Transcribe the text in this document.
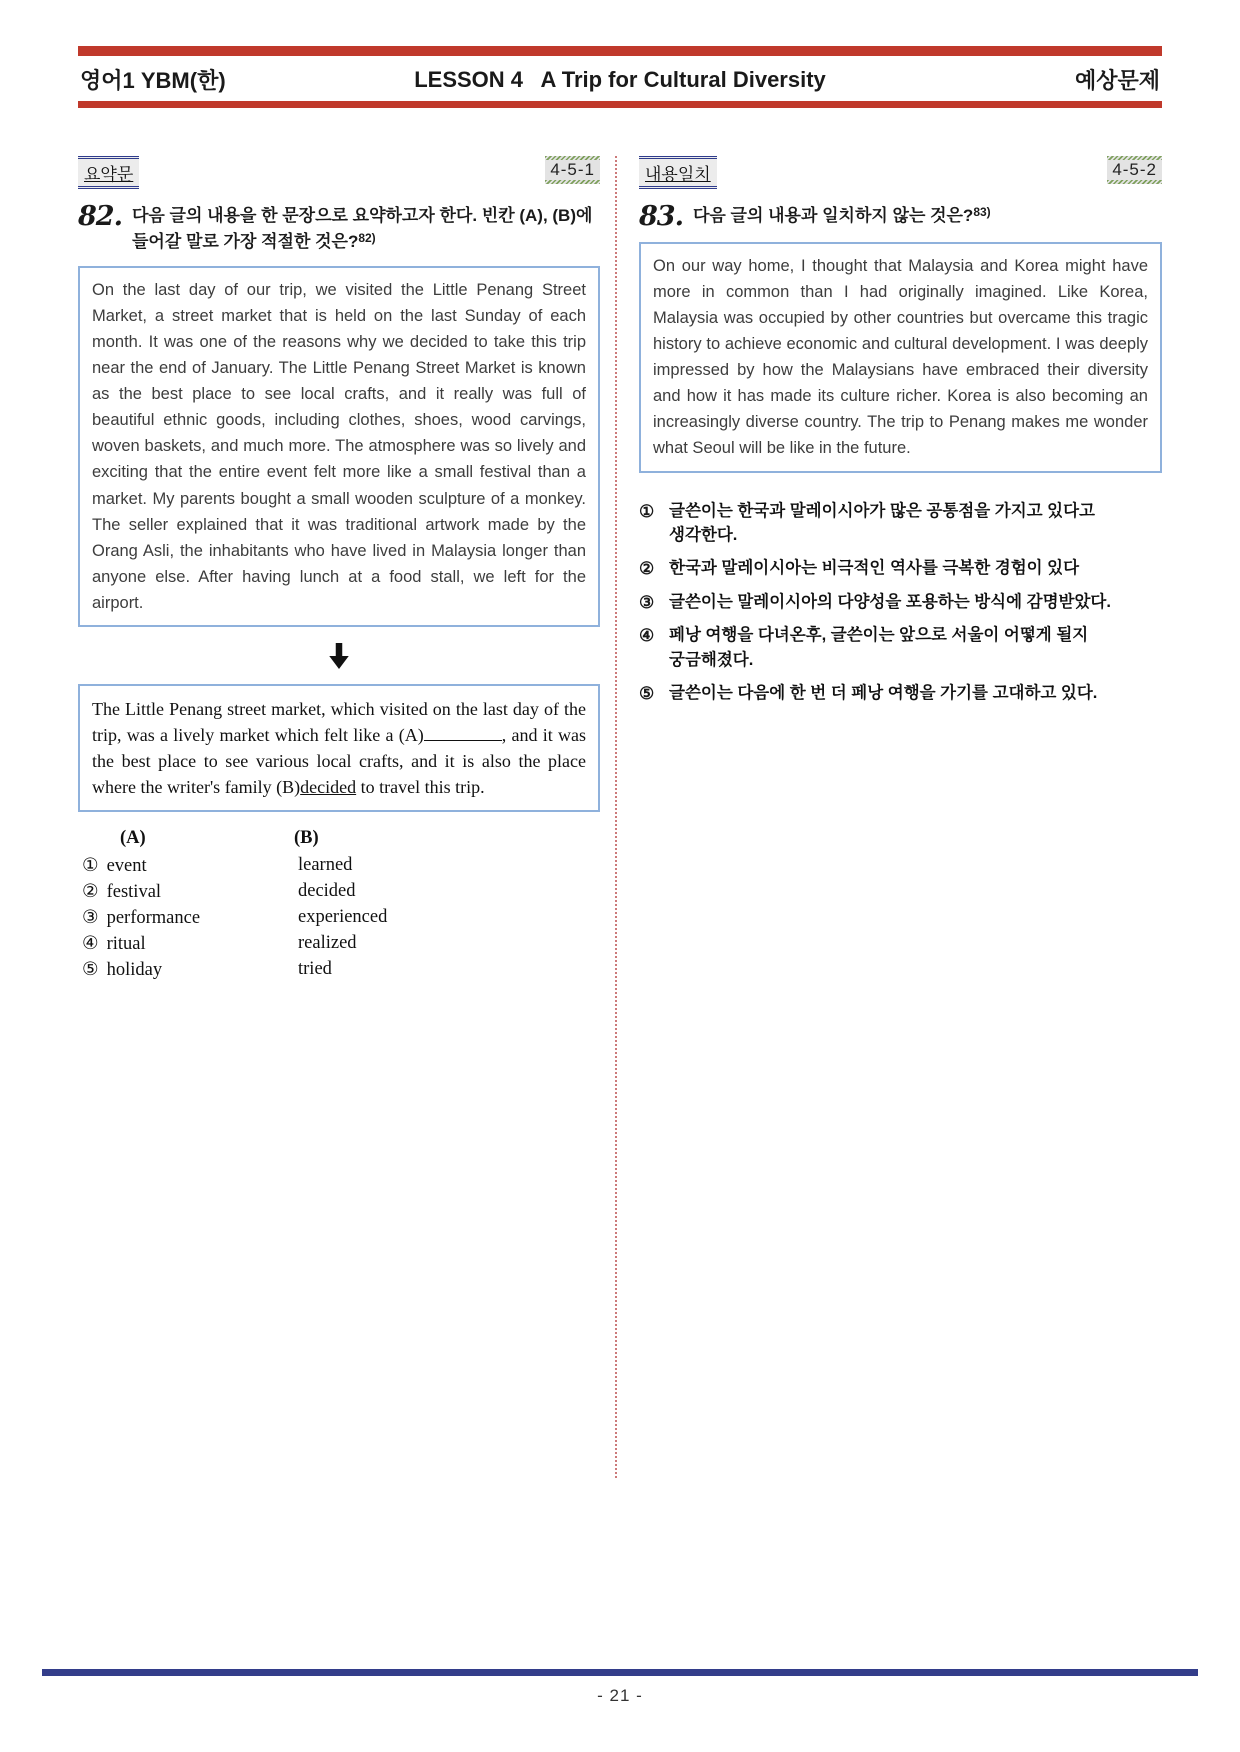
영어1 YBM(한)	LESSON 4   A Trip for Cultural Diversity	예상문제
요약문	4-5-1
82. 다음 글의 내용을 한 문장으로 요약하고자 한다. 빈칸 (A), (B)에 들어갈 말로 가장 적절한 것은?$^{82)}$

On the last day of our trip, we visited the Little Penang Street Market, a street market that is held on the last Sunday of each month. It was one of the reasons why we decided to take this trip near the end of January. The Little Penang Street Market is known as the best place to see local crafts, and it really was full of beautiful ethnic goods, including clothes, shoes, wood carvings, woven baskets, and much more. The atmosphere was so lively and exciting that the entire event felt more like a small festival than a market. My parents bought a small wooden sculpture of a monkey. The seller explained that it was traditional artwork made by the Orang Asli, the inhabitants who have lived in Malaysia longer than anyone else. After having lunch at a food stall, we left for the airport.
The Little Penang street market, which visited on the last day of the trip, was a lively market which felt like a (A)	, and it was the best place to see various local crafts, and it is also the place where the writer's family (B)decided to travel this trip.
(A)	(B)
① event	learned
② festival	decided
③ performance	experienced
④ ritual	realized
⑤ holiday	tried
내용일치	4-5-2
83. 다음 글의 내용과 일치하지 않는 것은?$^{83)}$

On our way home, I thought that Malaysia and Korea might have more in common than I had originally imagined. Like Korea, Malaysia was occupied by other countries but overcame this tragic history to achieve economic and cultural development. I was deeply impressed by how the Malaysians have embraced their diversity and how it has made its culture richer. Korea is also becoming an increasingly diverse country. The trip to Penang makes me wonder what Seoul will be like in the future.
① 글쓴이는 한국과 말레이시아가 많은 공통점을 가지고 있다고 생각한다.
② 한국과 말레이시아는 비극적인 역사를 극복한 경험이 있다
③ 글쓴이는 말레이시아의 다양성을 포용하는 방식에 감명받았다.
④ 페낭 여행을 다녀온후, 글쓴이는 앞으로 서울이 어떻게 될지 궁금해졌다.
⑤ 글쓴이는 다음에 한 번 더 페낭 여행을 가기를 고대하고 있다.
- 21 -
